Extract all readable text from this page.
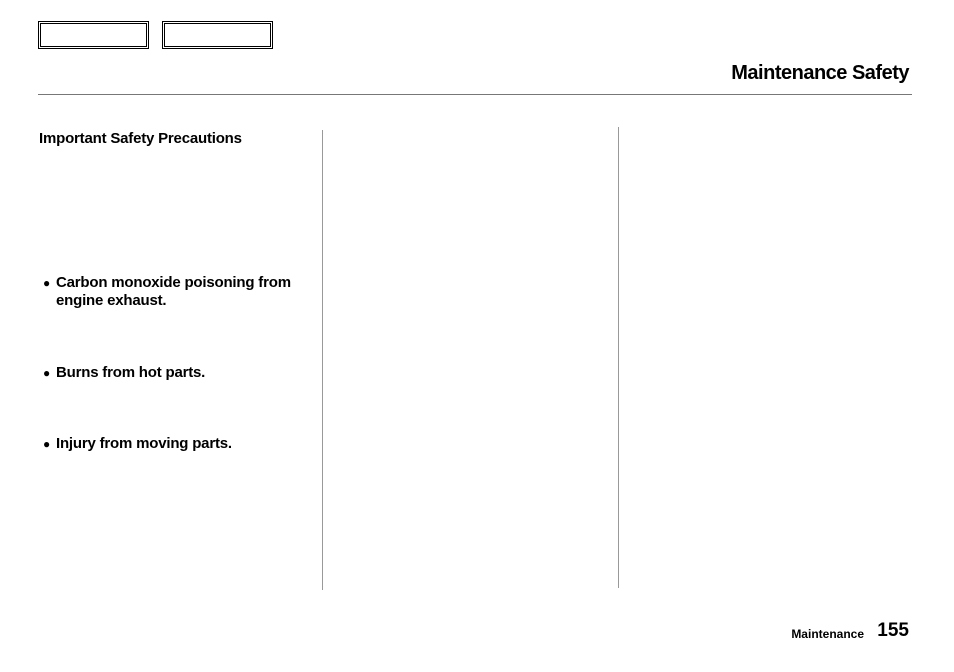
Maintenance Safety
Important Safety Precautions
● Carbon monoxide poisoning from engine exhaust.
● Burns from hot parts.
● Injury from moving parts.
Maintenance 155
